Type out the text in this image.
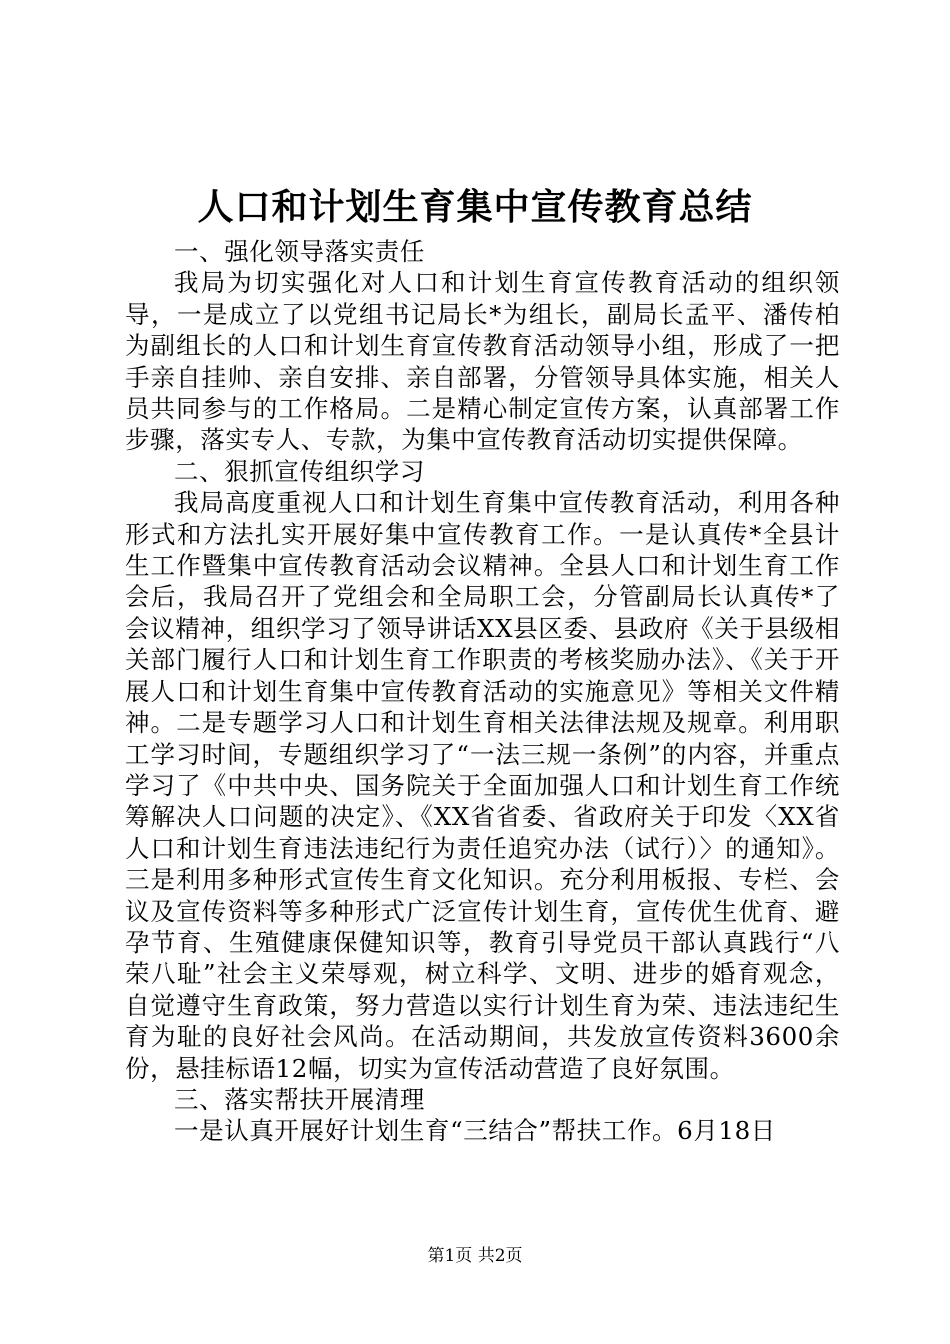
人口和计划生育集中宣传教育总结

一、强化领导落实责任

我局为切实强化对人口和计划生育宣传教育活动的组织领导，一是成立了以党组书记局长*为组长，副局长孟平、潘传柏为副组长的人口和计划生育宣传教育活动领导小组，形成了一把手亲自挂帅、亲自安排、亲自部署，分管领导具体实施，相关人员共同参与的工作格局。二是精心制定宣传方案，认真部署工作步骤，落实专人、专款，为集中宣传教育活动切实提供保障。

二、狠抓宣传组织学习

我局高度重视人口和计划生育集中宣传教育活动，利用各种形式和方法扎实开展好集中宣传教育工作。一是认真传*全县计生工作暨集中宣传教育活动会议精神。全县人口和计划生育工作会后，我局召开了党组会和全局职工会，分管副局长认真传*了会议精神，组织学习了领导讲话XX县区委、县政府《关于县级相关部门履行人口和计划生育工作职责的考核奖励办法》、《关于开展人口和计划生育集中宣传教育活动的实施意见》等相关文件精神。二是专题学习人口和计划生育相关法律法规及规章。利用职工学习时间，专题组织学习了“一法三规一条例”的内容，并重点学习了《中共中央、国务院关于全面加强人口和计划生育工作统筹解决人口问题的决定》、《XX省省委、省政府关于印发〈XX省人口和计划生育违法违纪行为责任追究办法（试行）〉的通知》。三是利用多种形式宣传生育文化知识。充分利用板报、专栏、会议及宣传资料等多种形式广泛宣传计划生育，宣传优生优育、避孕节育、生殖健康保健知识等，教育引导党员干部认真践行“八荣八耻”社会主义荣辱观，树立科学、文明、进步的婚育观念，自觉遵守生育政策，努力营造以实行计划生育为荣、违法违纪生育为耻的良好社会风尚。在活动期间，共发放宣传资料3600余份，悬挂标语12幅，切实为宣传活动营造了良好氛围。

三、落实帮扶开展清理

一是认真开展好计划生育“三结合”帮扶工作。6月18日

第1页 共2页
